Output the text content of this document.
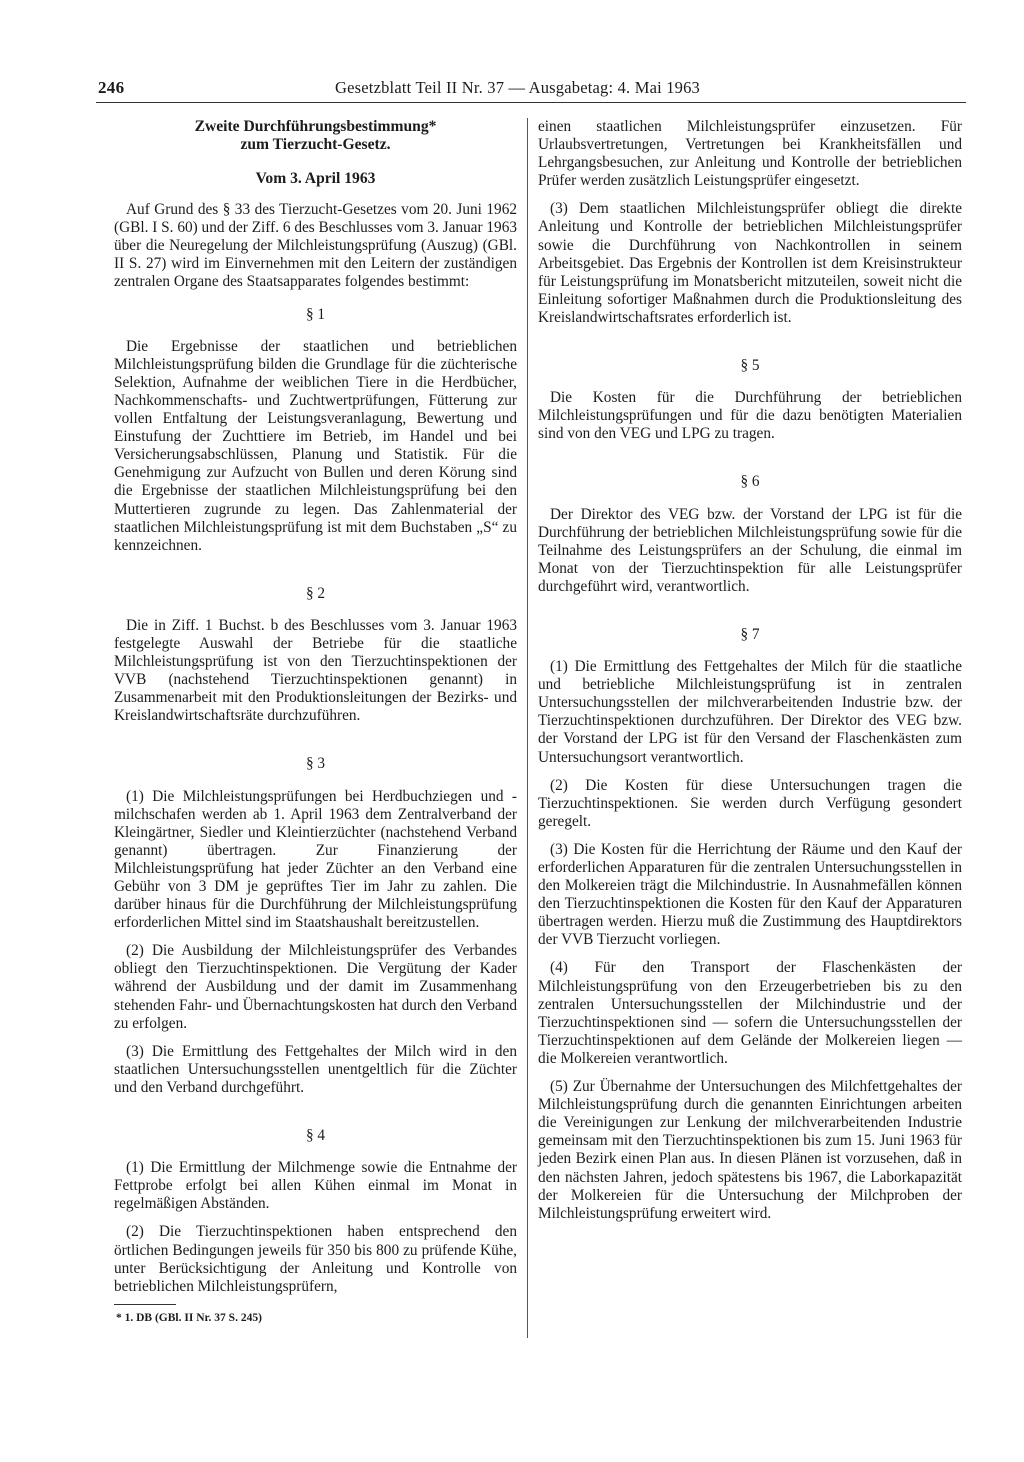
246	Gesetzblatt Teil II Nr. 37 — Ausgabetag: 4. Mai 1963

Zweite Durchführungsbestimmung*

zum Tierzucht-Gesetz.

Vom 3. April 1963

Auf Grund des § 33 des Tierzucht-Gesetzes vom 20. Juni 1962 (GBl. I S. 60) und der Ziff. 6 des Beschlusses vom 3. Januar 1963 über die Neuregelung der Milchleistungsprüfung (Auszug) (GBl. II S. 27) wird im Einvernehmen mit den Leitern der zuständigen zentralen Organe des Staatsapparates folgendes bestimmt:

§ 1

Die Ergebnisse der staatlichen und betrieblichen Milchleistungsprüfung bilden die Grundlage für die züchterische Selektion, Aufnahme der weiblichen Tiere in die Herdbücher, Nachkommenschafts- und Zuchtwertprüfungen, Fütterung zur vollen Entfaltung der Leistungsveranlagung, Bewertung und Einstufung der Zuchttiere im Betrieb, im Handel und bei Versicherungsabschlüssen, Planung und Statistik. Für die Genehmigung zur Aufzucht von Bullen und deren Körung sind die Ergebnisse der staatlichen Milchleistungsprüfung bei den Muttertieren zugrunde zu legen. Das Zahlenmaterial der staatlichen Milchleistungsprüfung ist mit dem Buchstaben „S“ zu kennzeichnen.

§ 2

Die in Ziff. 1 Buchst. b des Beschlusses vom 3. Januar 1963 festgelegte Auswahl der Betriebe für die staatliche Milchleistungsprüfung ist von den Tierzuchtinspektionen der VVB (nachstehend Tierzuchtinspektionen genannt) in Zusammenarbeit mit den Produktionsleitungen der Bezirks- und Kreislandwirtschaftsräte durchzuführen.

§ 3

(1) Die Milchleistungsprüfungen bei Herdbuchziegen und -milchschafen werden ab 1. April 1963 dem Zentralverband der Kleingärtner, Siedler und Kleintierzüchter (nachstehend Verband genannt) übertragen. Zur Finanzierung der Milchleistungsprüfung hat jeder Züchter an den Verband eine Gebühr von 3 DM je geprüftes Tier im Jahr zu zahlen. Die darüber hinaus für die Durchführung der Milchleistungsprüfung erforderlichen Mittel sind im Staatshaushalt bereitzustellen.

(2) Die Ausbildung der Milchleistungsprüfer des Verbandes obliegt den Tierzuchtinspektionen. Die Vergütung der Kader während der Ausbildung und der damit im Zusammenhang stehenden Fahr- und Übernachtungskosten hat durch den Verband zu erfolgen.

(3) Die Ermittlung des Fettgehaltes der Milch wird in den staatlichen Untersuchungsstellen unentgeltlich für die Züchter und den Verband durchgeführt.

§ 4

(1) Die Ermittlung der Milchmenge sowie die Entnahme der Fettprobe erfolgt bei allen Kühen einmal im Monat in regelmäßigen Abständen.

(2) Die Tierzuchtinspektionen haben entsprechend den örtlichen Bedingungen jeweils für 350 bis 800 zu prüfende Kühe, unter Berücksichtigung der Anleitung und Kontrolle von betrieblichen Milchleistungsprüfern,

* 1. DB (GBl. II Nr. 37 S. 245)

einen staatlichen Milchleistungsprüfer einzusetzen. Für Urlaubsvertretungen, Vertretungen bei Krankheitsfällen und Lehrgangsbesuchen, zur Anleitung und Kontrolle der betrieblichen Prüfer werden zusätzlich Leistungsprüfer eingesetzt.

(3) Dem staatlichen Milchleistungsprüfer obliegt die direkte Anleitung und Kontrolle der betrieblichen Milchleistungsprüfer sowie die Durchführung von Nachkontrollen in seinem Arbeitsgebiet. Das Ergebnis der Kontrollen ist dem Kreisinstrukteur für Leistungsprüfung im Monatsbericht mitzuteilen, soweit nicht die Einleitung sofortiger Maßnahmen durch die Produktionsleitung des Kreislandwirtschaftsrates erforderlich ist.

§ 5

Die Kosten für die Durchführung der betrieblichen Milchleistungsprüfungen und für die dazu benötigten Materialien sind von den VEG und LPG zu tragen.

§ 6

Der Direktor des VEG bzw. der Vorstand der LPG ist für die Durchführung der betrieblichen Milchleistungsprüfung sowie für die Teilnahme des Leistungsprüfers an der Schulung, die einmal im Monat von der Tierzuchtinspektion für alle Leistungsprüfer durchgeführt wird, verantwortlich.

§ 7

(1) Die Ermittlung des Fettgehaltes der Milch für die staatliche und betriebliche Milchleistungsprüfung ist in zentralen Untersuchungsstellen der milchverarbeitenden Industrie bzw. der Tierzuchtinspektionen durchzuführen. Der Direktor des VEG bzw. der Vorstand der LPG ist für den Versand der Flaschenkästen zum Untersuchungsort verantwortlich.

(2) Die Kosten für diese Untersuchungen tragen die Tierzuchtinspektionen. Sie werden durch Verfügung gesondert geregelt.

(3) Die Kosten für die Herrichtung der Räume und den Kauf der erforderlichen Apparaturen für die zentralen Untersuchungsstellen in den Molkereien trägt die Milchindustrie. In Ausnahmefällen können den Tierzuchtinspektionen die Kosten für den Kauf der Apparaturen übertragen werden. Hierzu muß die Zustimmung des Hauptdirektors der VVB Tierzucht vorliegen.

(4) Für den Transport der Flaschenkästen der Milchleistungsprüfung von den Erzeugerbetrieben bis zu den zentralen Untersuchungsstellen der Milchindustrie und der Tierzuchtinspektionen sind — sofern die Untersuchungsstellen der Tierzuchtinspektionen auf dem Gelände der Molkereien liegen — die Molkereien verantwortlich.

(5) Zur Übernahme der Untersuchungen des Milchfettgehaltes der Milchleistungsprüfung durch die genannten Einrichtungen arbeiten die Vereinigungen zur Lenkung der milchverarbeitenden Industrie gemeinsam mit den Tierzuchtinspektionen bis zum 15. Juni 1963 für jeden Bezirk einen Plan aus. In diesen Plänen ist vorzusehen, daß in den nächsten Jahren, jedoch spätestens bis 1967, die Laborkapazität der Molkereien für die Untersuchung der Milchproben der Milchleistungsprüfung erweitert wird.
